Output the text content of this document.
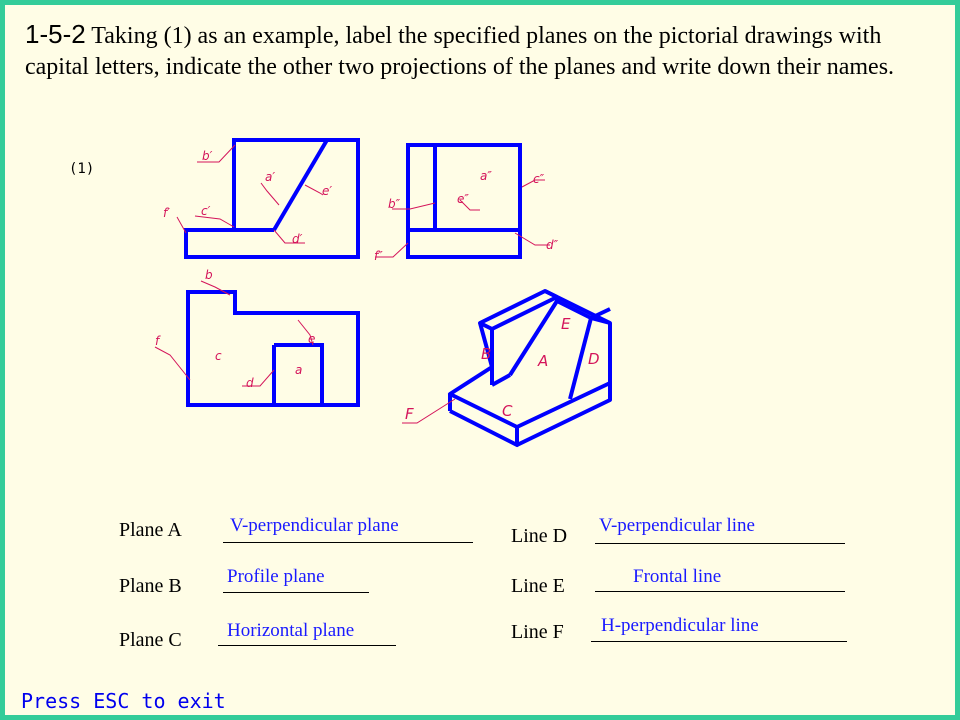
1-5-2 Taking (1) as an example, label the specified planes on the pictorial drawings with capital letters, indicate the other two projections of the planes and write down their names.

(1)
b′
a′
e′
f′	c′
d′
a″	c″
e″
b″
d″
f″
b
e
f
c
a
d
E
B	A	D
C
F
Plane A	V-perpendicular plane
Plane B Profile plane
Plane C Horizontal plane
Line D V-perpendicular line
Line E	Frontal line
Line F H-perpendicular line
Press ESC to exit
